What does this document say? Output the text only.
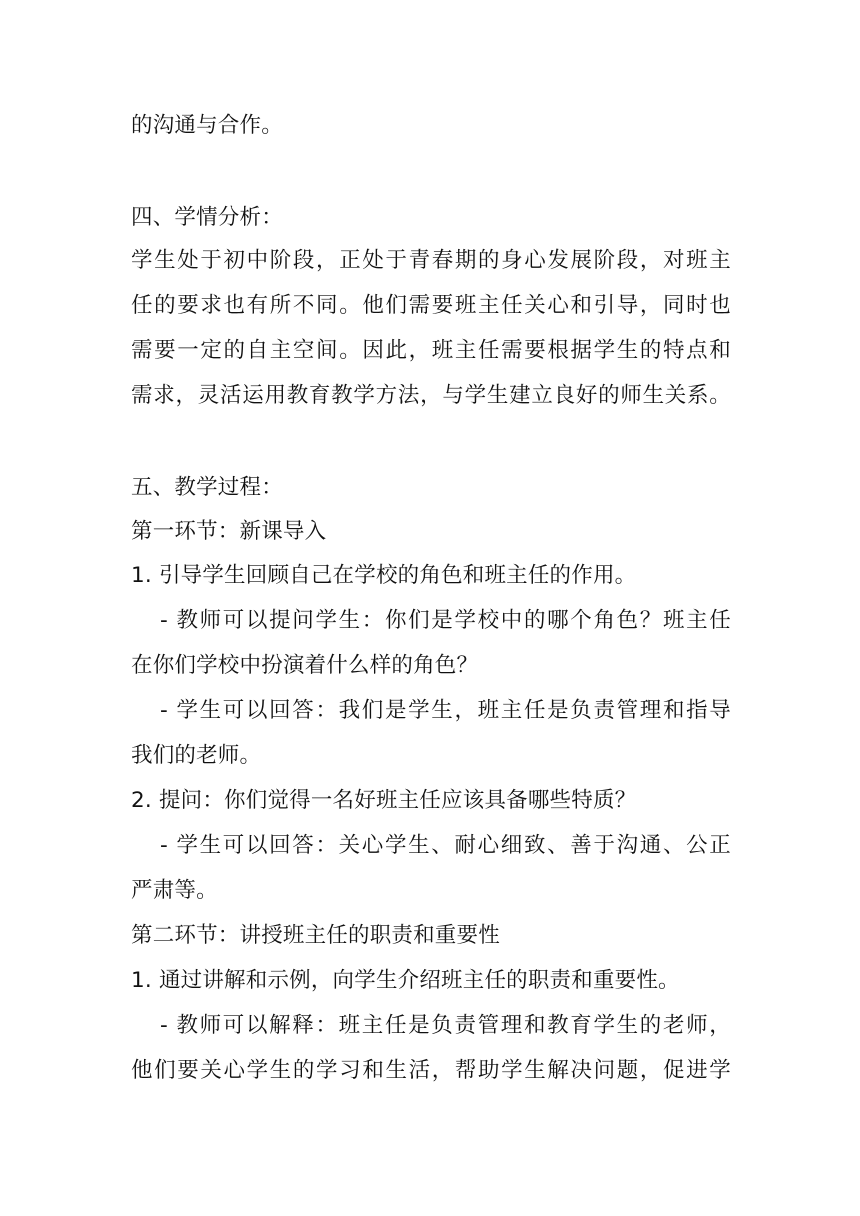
的沟通与合作。
四、学情分析：
学生处于初中阶段，正处于青春期的身心发展阶段，对班主
任的要求也有所不同。他们需要班主任关心和引导，同时也
需要一定的自主空间。因此，班主任需要根据学生的特点和
需求，灵活运用教育教学方法，与学生建立良好的师生关系。
五、教学过程：
第一环节：新课导入
1. 引导学生回顾自己在学校的角色和班主任的作用。
- 教师可以提问学生：你们是学校中的哪个角色？班主任
在你们学校中扮演着什么样的角色？
- 学生可以回答：我们是学生，班主任是负责管理和指导
我们的老师。
2. 提问：你们觉得一名好班主任应该具备哪些特质？
- 学生可以回答：关心学生、耐心细致、善于沟通、公正
严肃等。
第二环节：讲授班主任的职责和重要性
1. 通过讲解和示例，向学生介绍班主任的职责和重要性。
- 教师可以解释：班主任是负责管理和教育学生的老师，
他们要关心学生的学习和生活，帮助学生解决问题，促进学
